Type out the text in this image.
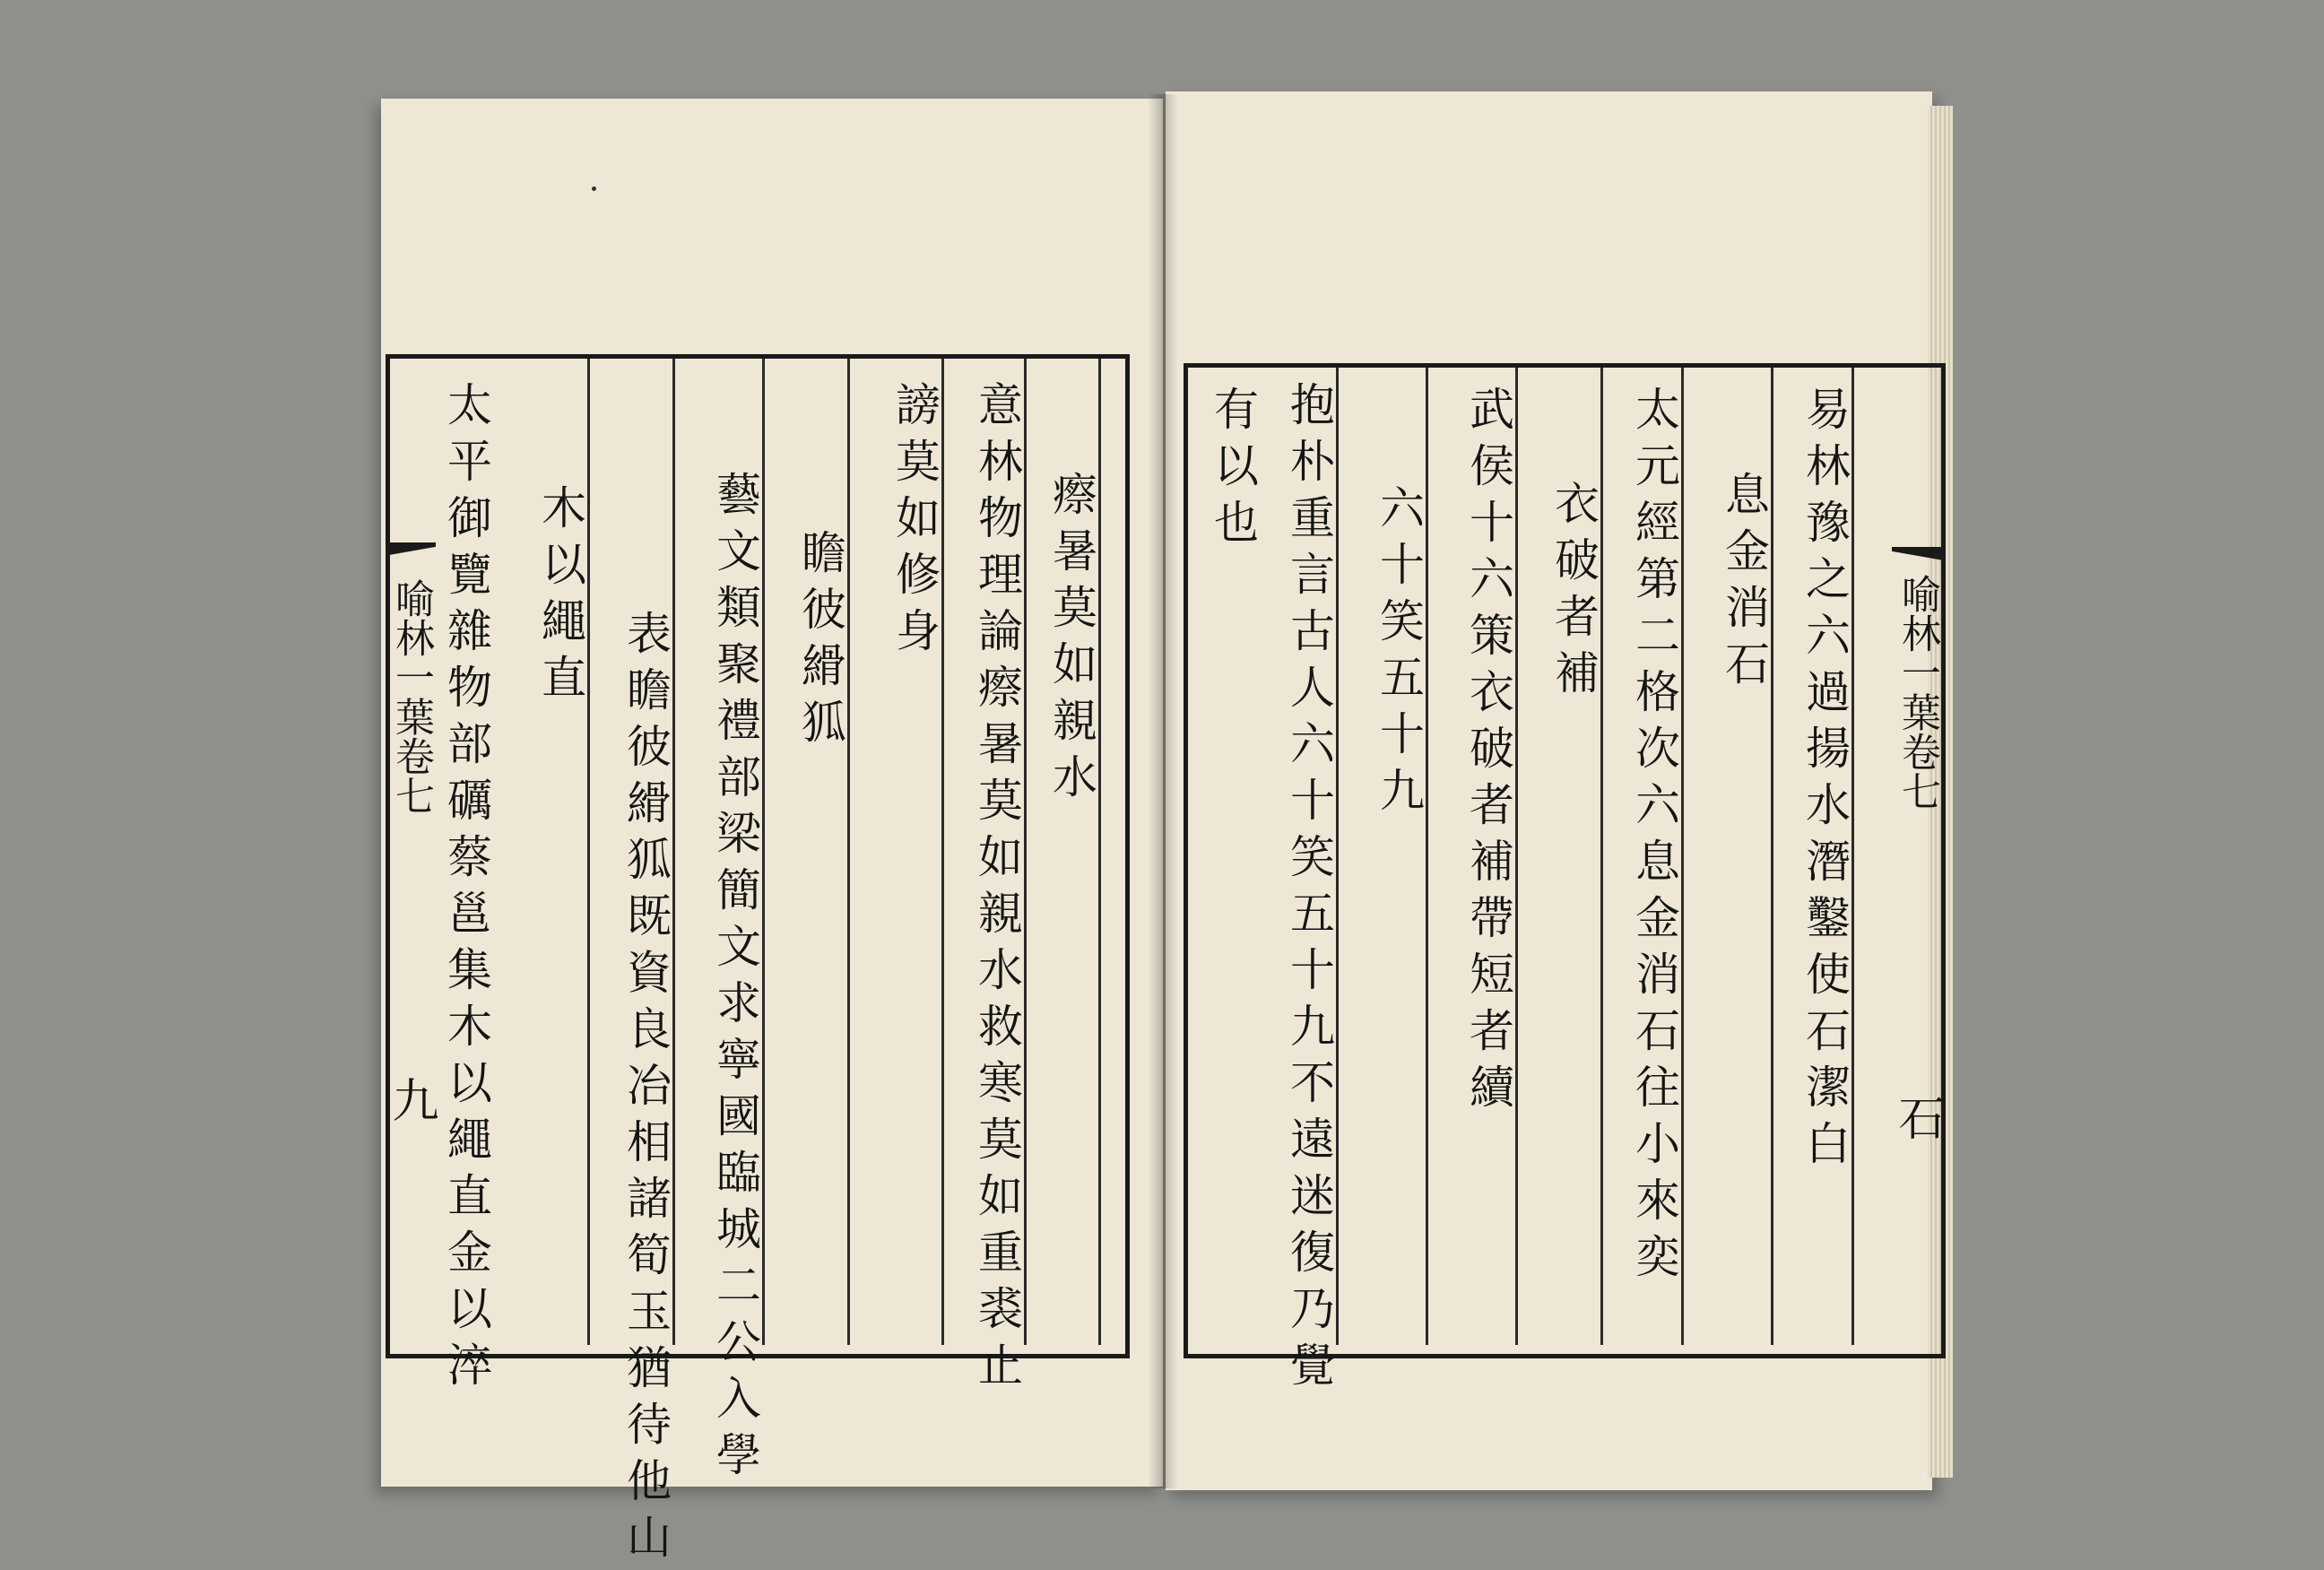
喻林一葉卷七
九
瘵暑莫如親水
意林物理論瘵暑莫如親水救寒莫如重裘止
謗莫如修身
瞻彼縎狐
藝文類聚禮部梁簡文求寧國臨城二公入學
表瞻彼縎狐既資良冶相諸筍玉猶待他山
木以繩直
太平御覽雜物部礪蔡邕集木以繩直金以淬	喻林一葉卷七
石
易林豫之六過揚水潛鑿使石潔白
息金消石
太元經第二格次六息金消石往小來奕
衣破者補
武侯十六策衣破者補帶短者續
六十笑五十九
抱朴重言古人六十笑五十九不遠迷復乃覺
有以也
